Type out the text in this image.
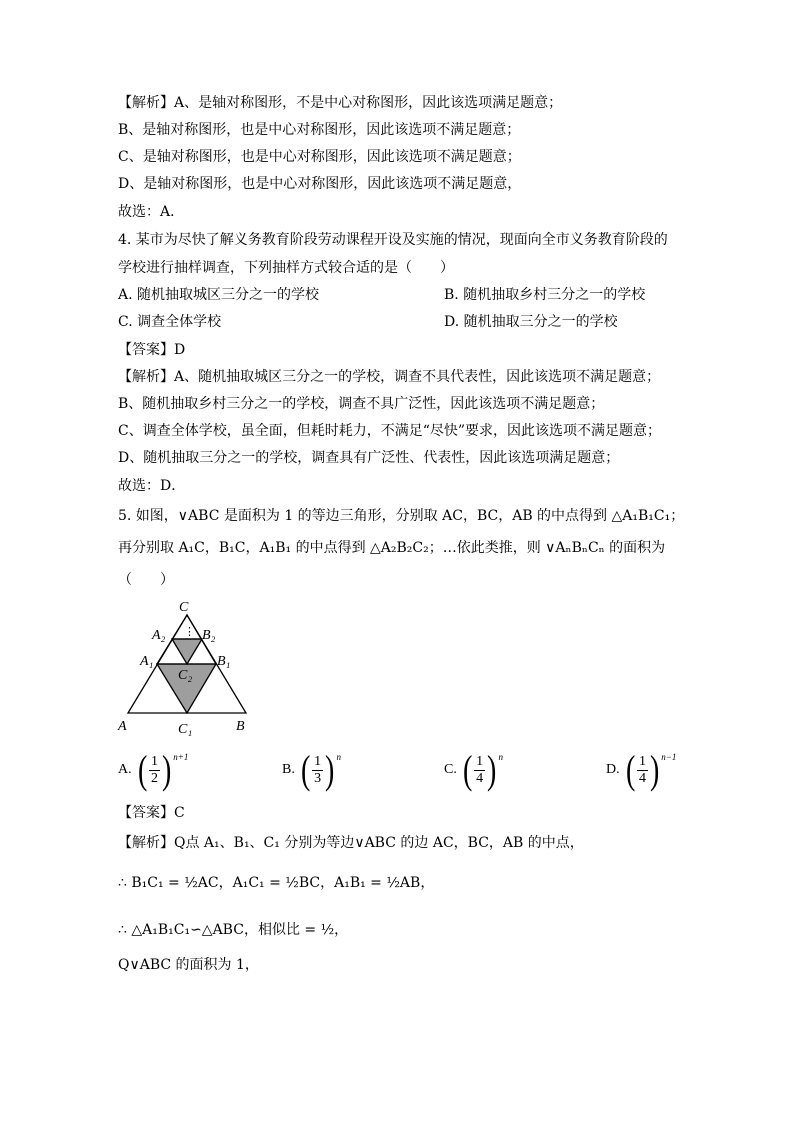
【解析】A、是轴对称图形，不是中心对称图形，因此该选项满足题意；
B、是轴对称图形，也是中心对称图形，因此该选项不满足题意；
C、是轴对称图形，也是中心对称图形，因此该选项不满足题意；
D、是轴对称图形，也是中心对称图形，因此该选项不满足题意，
故选：A．
4. 某市为尽快了解义务教育阶段劳动课程开设及实施的情况，现面向全市义务教育阶段的
学校进行抽样调查，下列抽样方式较合适的是（　　）
A. 随机抽取城区三分之一的学校	B. 随机抽取乡村三分之一的学校
C. 调查全体学校	D. 随机抽取三分之一的学校
【答案】D
【解析】A、随机抽取城区三分之一的学校，调查不具代表性，因此该选项不满足题意；
B、随机抽取乡村三分之一的学校，调查不具广泛性，因此该选项不满足题意；
C、调查全体学校，虽全面，但耗时耗力，不满足“尽快”要求，因此该选项不满足题意；
D、随机抽取三分之一的学校，调查具有广泛性、代表性，因此该选项满足题意；
故选：D．
5. 如图，∨ABC 是面积为 1 的等边三角形，分别取 AC，BC，AB 的中点得到 △A₁B₁C₁；
再分别取 A₁C，B₁C，A₁B₁ 的中点得到 △A₂B₂C₂；…依此类推，则 ∨AₙBₙCₙ 的面积为
（　　）
⋮
C
A₂	B₂
A₁	B₁
C₂
A	C₁	B
A. ( $\frac{1}{2} )^{n+1}$
B. ( $\frac{1}{3} )^n$
C. ( $\frac{1}{4} )^n$
D. ( $\frac{1}{4} )^{n-1}$
【答案】C
【解析】Q点 A₁、B₁、C₁ 分别为等边∨ABC 的边 AC，BC，AB 的中点，
∴ B₁C₁ = ½AC，A₁C₁ = ½BC，A₁B₁ = ½AB，
∴ △A₁B₁C₁∽△ABC，相似比 = ½，
Q∨ABC 的面积为 1，
